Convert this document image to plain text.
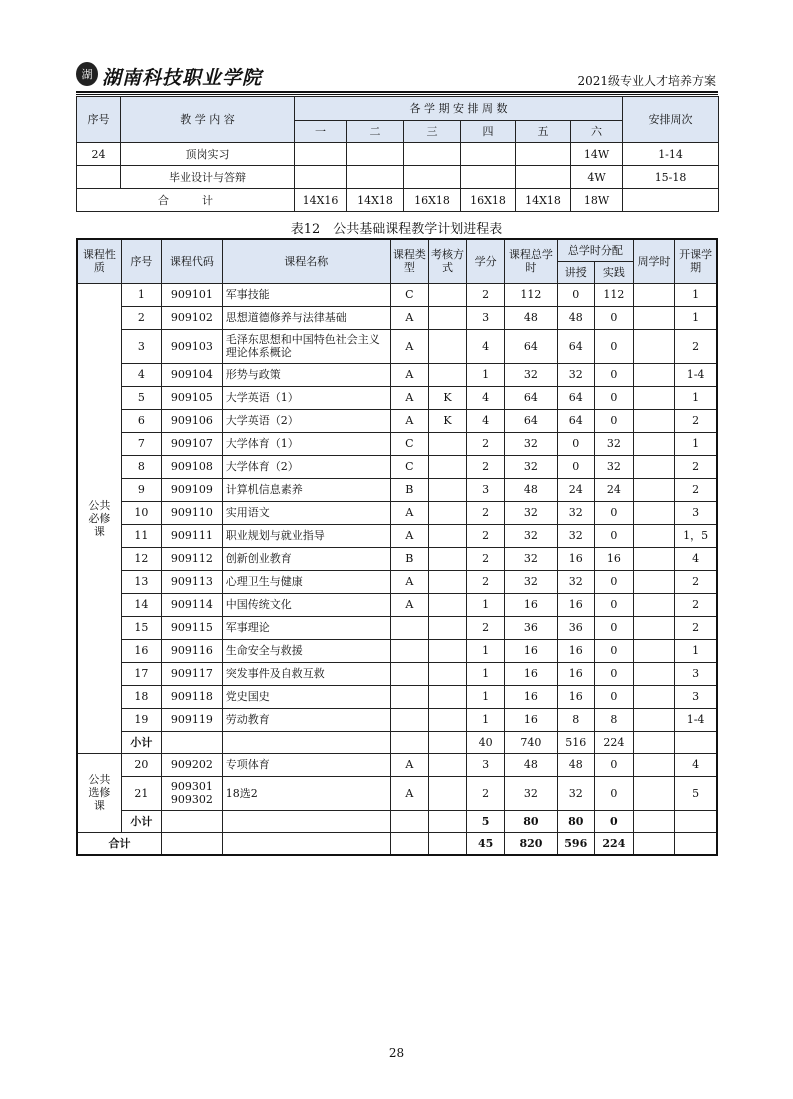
湖 湖南科技职业学院	2021级专业人才培养方案
序号	教 学 内 容	各 学 期 安 排 周 数						安排周次
		一	二	三	四	五	六	
24	顶岗实习						14W	1-14
	毕业设计与答辩						4W	15-18
合　　　计		14X16	14X18	16X18	16X18	14X18	18W	
表12　公共基础课程教学计划进程表
课程性质	序号	课程代码	课程名称	课程类型	考核方式	学分	课程总学时	总学时分配		周学时	开课学期
								讲授	实践		
公共必修课	1	909101	军事技能	C		2	112	0	112		1
	2	909102	思想道德修养与法律基础	A		3	48	48	0		1
	3	909103	毛泽东思想和中国特色社会主义理论体系概论	A		4	64	64	0		2
	4	909104	形势与政策	A		1	32	32	0		1-4
	5	909105	大学英语（1）	A	K	4	64	64	0		1
	6	909106	大学英语（2）	A	K	4	64	64	0		2
	7	909107	大学体育（1）	C		2	32	0	32		1
	8	909108	大学体育（2）	C		2	32	0	32		2
	9	909109	计算机信息素养	B		3	48	24	24		2
	10	909110	实用语文	A		2	32	32	0		3
	11	909111	职业规划与就业指导	A		2	32	32	0		1，5
	12	909112	创新创业教育	B		2	32	16	16		4
	13	909113	心理卫生与健康	A		2	32	32	0		2
	14	909114	中国传统文化	A		1	16	16	0		2
	15	909115	军事理论			2	36	36	0		2
	16	909116	生命安全与救援			1	16	16	0		1
	17	909117	突发事件及自救互救			1	16	16	0		3
	18	909118	党史国史			1	16	16	0		3
	19	909119	劳动教育			1	16	8	8		1-4
	小计					40	740	516	224		
公共选修课	20	909202	专项体育	A		3	48	48	0		4
	21	909301
909302	18选2	A		2	32	32	0		5
	小计					5	80	80	0		
合计						45	820	596	224		
28
